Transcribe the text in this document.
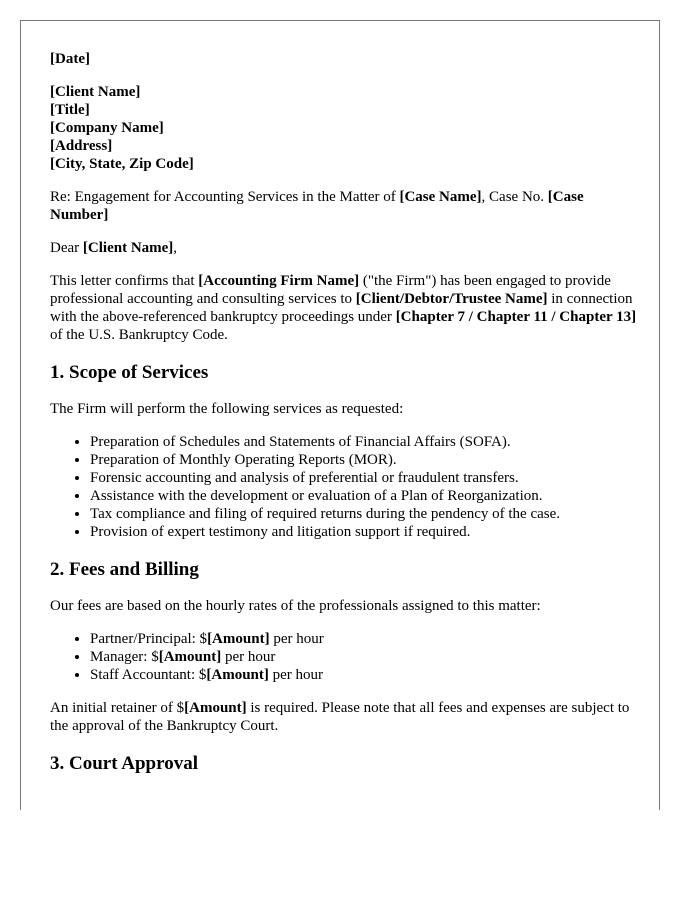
[Date]
[Client Name]
[Title]
[Company Name]
[Address]
[City, State, Zip Code]

Re: Engagement for Accounting Services in the Matter of [Case Name], Case No. [Case Number]

Dear [Client Name],

This letter confirms that [Accounting Firm Name] ("the Firm") has been engaged to provide professional accounting and consulting services to [Client/Debtor/Trustee Name] in connection with the above-referenced bankruptcy proceedings under [Chapter 7 / Chapter 11 / Chapter 13] of the U.S. Bankruptcy Code.

1. Scope of Services

The Firm will perform the following services as requested:

• Preparation of Schedules and Statements of Financial Affairs (SOFA).
• Preparation of Monthly Operating Reports (MOR).
• Forensic accounting and analysis of preferential or fraudulent transfers.
• Assistance with the development or evaluation of a Plan of Reorganization.
• Tax compliance and filing of required returns during the pendency of the case.
• Provision of expert testimony and litigation support if required.
2. Fees and Billing

Our fees are based on the hourly rates of the professionals assigned to this matter:

• Partner/Principal: $[Amount] per hour
• Manager: $[Amount] per hour
• Staff Accountant: $[Amount] per hour

An initial retainer of $[Amount] is required. Please note that all fees and expenses are subject to the approval of the Bankruptcy Court.

3. Court Approval
